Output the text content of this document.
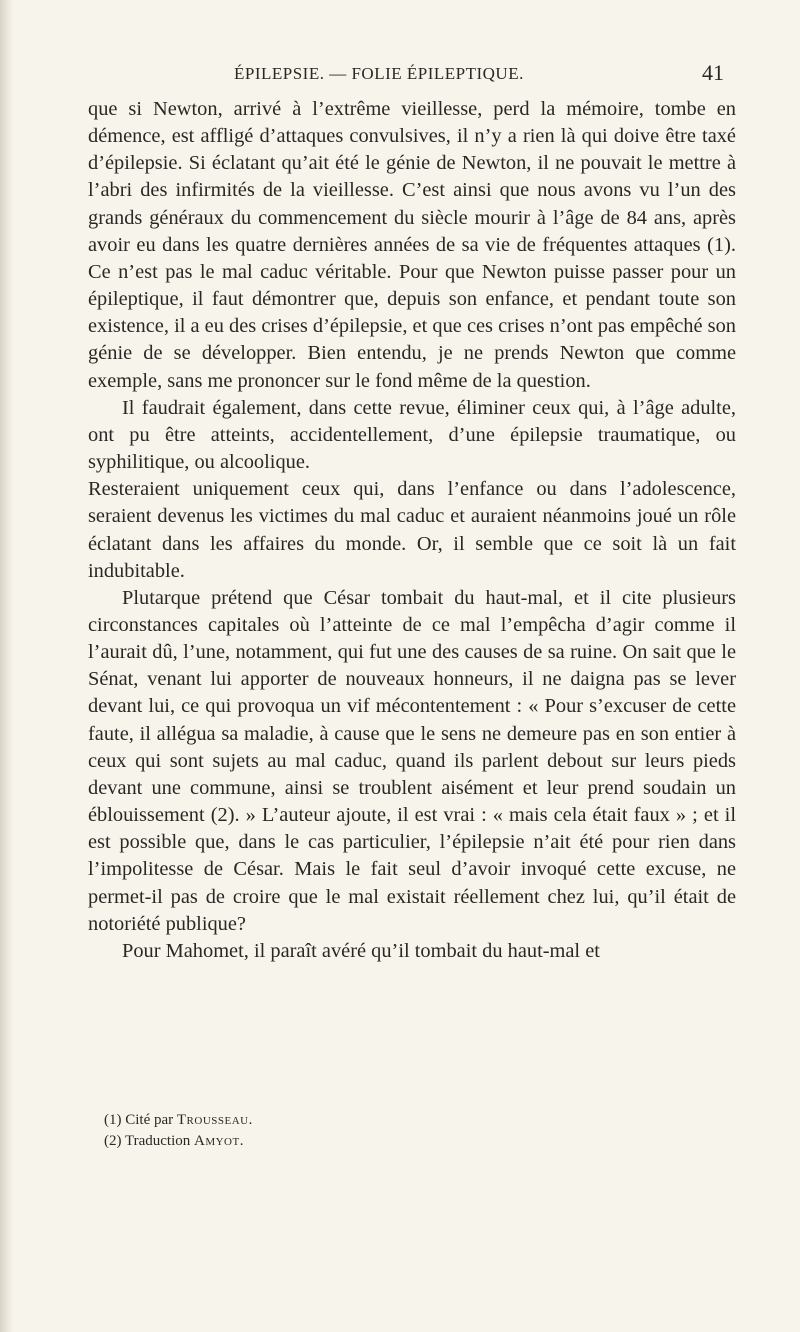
ÉPILEPSIE. — FOLIE ÉPILEPTIQUE.	41

que si Newton, arrivé à l’extrême vieillesse, perd la mémoire, tombe en démence, est affligé d’attaques convulsives, il n’y a rien là qui doive être taxé d’épilepsie. Si éclatant qu’ait été le génie de Newton, il ne pouvait le mettre à l’abri des infirmités de la vieillesse. C’est ainsi que nous avons vu l’un des grands généraux du commencement du siècle mourir à l’âge de 84 ans, après avoir eu dans les quatre dernières années de sa vie de fréquentes attaques (1). Ce n’est pas le mal caduc véritable. Pour que Newton puisse passer pour un épileptique, il faut démontrer que, depuis son enfance, et pendant toute son existence, il a eu des crises d’épilepsie, et que ces crises n’ont pas empêché son génie de se développer. Bien entendu, je ne prends Newton que comme exemple, sans me prononcer sur le fond même de la question.

Il faudrait également, dans cette revue, éliminer ceux qui, à l’âge adulte, ont pu être atteints, accidentellement, d’une épilepsie traumatique, ou syphilitique, ou alcoolique.

Resteraient uniquement ceux qui, dans l’enfance ou dans l’adolescence, seraient devenus les victimes du mal caduc et auraient néanmoins joué un rôle éclatant dans les affaires du monde. Or, il semble que ce soit là un fait indubitable.

Plutarque prétend que César tombait du haut-mal, et il cite plusieurs circonstances capitales où l’atteinte de ce mal l’empêcha d’agir comme il l’aurait dû, l’une, notamment, qui fut une des causes de sa ruine. On sait que le Sénat, venant lui apporter de nouveaux honneurs, il ne daigna pas se lever devant lui, ce qui provoqua un vif mécontentement : « Pour s’excuser de cette faute, il allégua sa maladie, à cause que le sens ne demeure pas en son entier à ceux qui sont sujets au mal caduc, quand ils parlent debout sur leurs pieds devant une commune, ainsi se troublent aisément et leur prend soudain un éblouissement (2). » L’auteur ajoute, il est vrai : « mais cela était faux » ; et il est possible que, dans le cas particulier, l’épilepsie n’ait été pour rien dans l’impolitesse de César. Mais le fait seul d’avoir invoqué cette excuse, ne permet-il pas de croire que le mal existait réellement chez lui, qu’il était de notoriété publique?

Pour Mahomet, il paraît avéré qu’il tombait du haut-mal et

(1) Cité par Trousseau.
(2) Traduction Amyot.
